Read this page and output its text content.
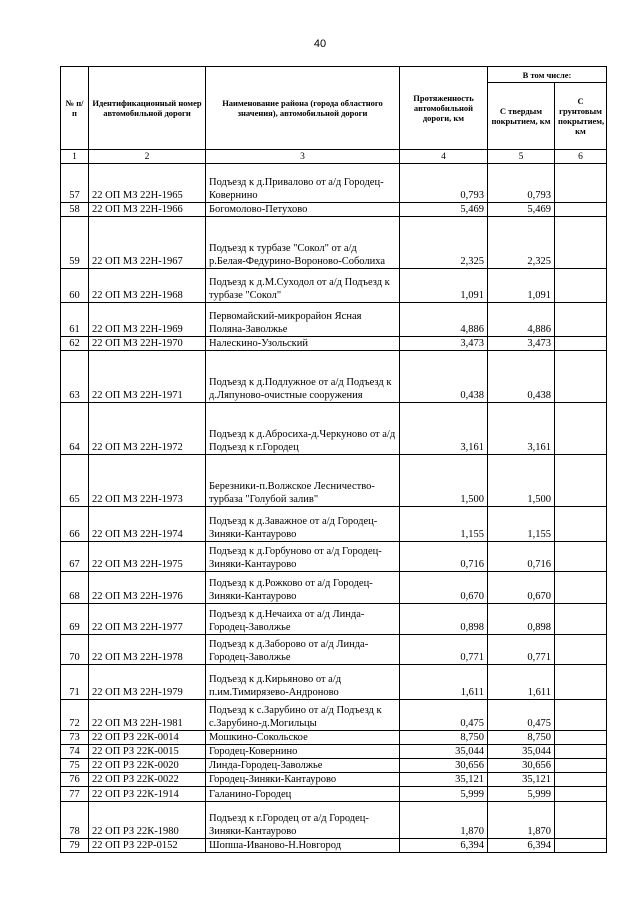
40
№ п/п	Идентификационный номер автомобильной дороги	Наименование района (города областного значения), автомобильной дороги	Протяженность автомобильной дороги, км	В том числе:	
				С твердым покрытием, км	С грунтовым покрытием, км
1	2	3	4	5	6
57	22 ОП МЗ 22Н-1965	Подъезд к д.Привалово от а/д Городец-Ковернино	0,793	0,793	
58	22 ОП МЗ 22Н-1966	Богомолово-Петухово	5,469	5,469	
59	22 ОП МЗ 22Н-1967	Подъезд к турбазе "Сокол" от а/д р.Белая-Федурино-Вороново-Соболиха	2,325	2,325	
60	22 ОП МЗ 22Н-1968	Подъезд к д.М.Суходол от а/д Подъезд к турбазе "Сокол"	1,091	1,091	
61	22 ОП МЗ 22Н-1969	Первомайский-микрорайон Ясная Поляна-Заволжье	4,886	4,886	
62	22 ОП МЗ 22Н-1970	Налескино-Узольский	3,473	3,473	
63	22 ОП МЗ 22Н-1971	Подъезд к д.Подлужное от а/д Подъезд к д.Ляпуново-очистные сооружения	0,438	0,438	
64	22 ОП МЗ 22Н-1972	Подъезд к д.Абросиха-д.Черкуново от а/д Подъезд к г.Городец	3,161	3,161	
65	22 ОП МЗ 22Н-1973	Березники-п.Волжское Лесничество-турбаза "Голубой залив"	1,500	1,500	
66	22 ОП МЗ 22Н-1974	Подъезд к д.Заважное от а/д Городец-Зиняки-Кантаурово	1,155	1,155	
67	22 ОП МЗ 22Н-1975	Подъезд к д.Горбуново от а/д Городец-Зиняки-Кантаурово	0,716	0,716	
68	22 ОП МЗ 22Н-1976	Подъезд к д.Рожково от а/д Городец-Зиняки-Кантаурово	0,670	0,670	
69	22 ОП МЗ 22Н-1977	Подъезд к д.Нечаиха от а/д Линда-Городец-Заволжье	0,898	0,898	
70	22 ОП МЗ 22Н-1978	Подъезд к д.Заборово от а/д Линда-Городец-Заволжье	0,771	0,771	
71	22 ОП МЗ 22Н-1979	Подъезд к д.Кирьяново от а/д п.им.Тимирязево-Андроново	1,611	1,611	
72	22 ОП МЗ 22Н-1981	Подъезд к с.Зарубино от а/д Подъезд к с.Зарубино-д.Могильцы	0,475	0,475	
73	22 ОП РЗ 22К-0014	Мошкино-Сокольское	8,750	8,750	
74	22 ОП РЗ 22К-0015	Городец-Ковернино	35,044	35,044	
75	22 ОП РЗ 22К-0020	Линда-Городец-Заволжье	30,656	30,656	
76	22 ОП РЗ 22К-0022	Городец-Зиняки-Кантаурово	35,121	35,121	
77	22 ОП РЗ 22К-1914	Галанино-Городец	5,999	5,999	
78	22 ОП РЗ 22К-1980	Подъезд к г.Городец от а/д Городец-Зиняки-Кантаурово	1,870	1,870	
79	22 ОП РЗ 22Р-0152	Шопша-Иваново-Н.Новгород	6,394	6,394	
